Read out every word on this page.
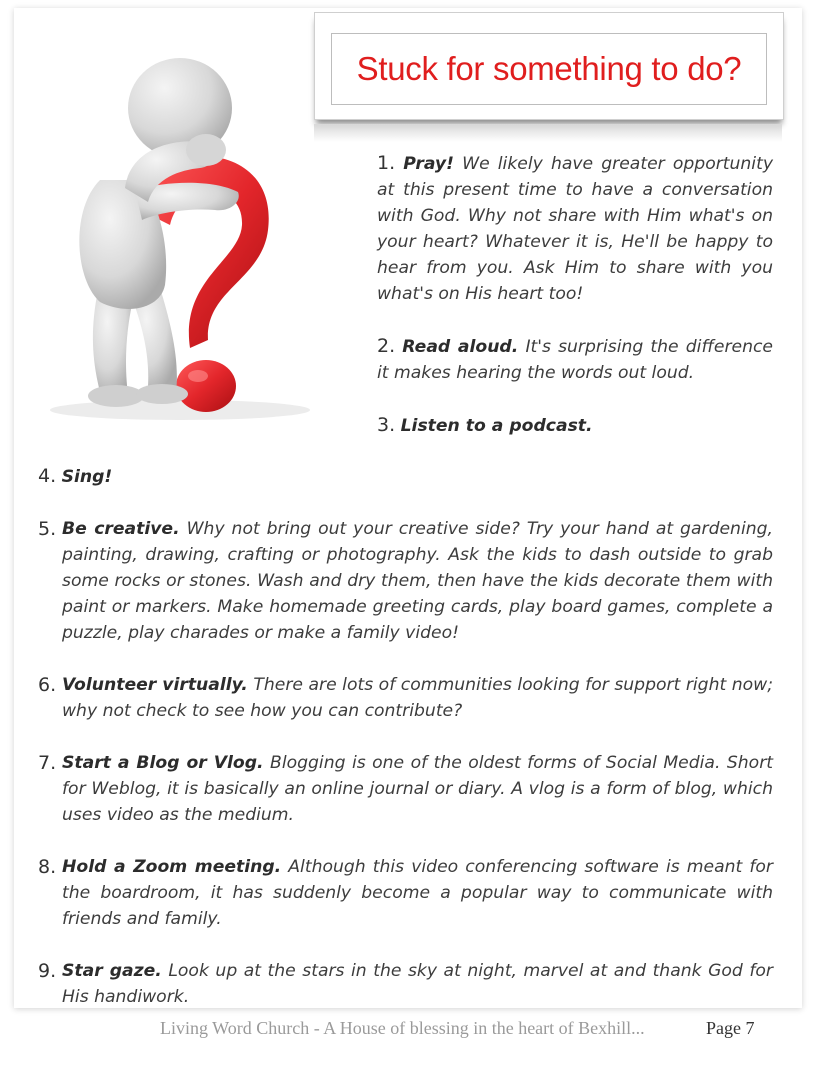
Stuck for something to do?
1. Pray! We likely have greater opportunity at this present time to have a conversation with God. Why not share with Him what's on your heart? Whatever it is, He'll be happy to hear from you. Ask Him to share with you what's on His heart too!
2. Read aloud. It's surprising the difference it makes hearing the words out loud.
3. Listen to a podcast.
4. Sing!
5. Be creative. Why not bring out your creative side? Try your hand at gardening, painting, drawing, crafting or photography. Ask the kids to dash outside to grab some rocks or stones. Wash and dry them, then have the kids decorate them with paint or markers. Make homemade greeting cards, play board games, complete a puzzle, play charades or make a family video!
6. Volunteer virtually. There are lots of communities looking for support right now; why not check to see how you can contribute?
7. Start a Blog or Vlog. Blogging is one of the oldest forms of Social Media. Short for Weblog, it is basically an online journal or diary. A vlog is a form of blog, which uses video as the medium.
8. Hold a Zoom meeting. Although this video conferencing software is meant for the boardroom, it has suddenly become a popular way to communicate with friends and family.
9. Star gaze. Look up at the stars in the sky at night, marvel at and thank God for His handiwork.
Living Word Church - A House of blessing in the heart of Bexhill...	Page 7
